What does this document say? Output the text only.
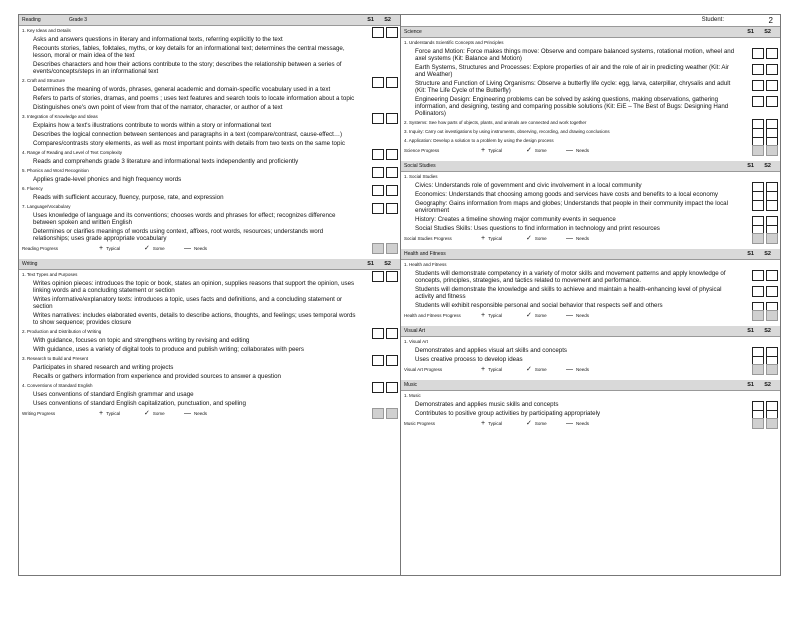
Reading	Grade 3	S1 S2
1. Key Ideas and Details
Asks and answers questions in literary and informational texts, referring explicitly to the text
Recounts stories, fables, folktales, myths, or key details for an informational text; determines the central message, lesson, moral or main idea of the text
Describes characters and how their actions contribute to the story; describes the relationship between a series of events/concepts/steps in an informational text
2. Craft and Structure
Determines the meaning of words, phrases, general academic and domain-specific vocabulary used in a text
Refers to parts of stories, dramas, and poems ; uses text features and search tools to locate information about a topic
Distinguishes one's own point of view from that of the narrator, character, or author of a text
3. Integration of Knowledge and Ideas
Explains how a text's illustrations contribute to words within a story or informational text
Describes the logical connection between sentences and paragraphs in a text (compare/contrast, cause-effect…)
Compares/contrasts story elements, as well as most important points with details from two texts on the same topic
4. Range of Reading and Level of Text Complexity
Reads and comprehends grade 3 literature and informational texts independently and proficiently
5. Phonics and Word Recognition
Applies grade-level phonics and high frequency words
6. Fluency
Reads with sufficient accuracy, fluency, purpose, rate, and expression
7. Language/Vocabulary
Uses knowledge of language and its conventions; chooses words and phrases for effect; recognizes difference between spoken and written English
Determines or clarifies meanings of words using context, affixes, root words, resources; understands word relationships; uses grade appropriate vocabulary
Reading Progress	+ Typical	✓ Some	— Needs
Writing	S1 S2
1. Text Types and Purposes
Writes opinion pieces: introduces the topic or book, states an opinion, supplies reasons that support the opinion, uses linking words and a concluding statement or section
Writes informative/explanatory texts: introduces a topic, uses facts and definitions, and a concluding statement or section
Writes narratives: includes elaborated events, details to describe actions, thoughts, and feelings; uses temporal words to show sequence; provides closure
2. Production and Distribution of Writing
With guidance, focuses on topic and strengthens writing by revising and editing
With guidance, uses a variety of digital tools to produce and publish writing; collaborates with peers
3. Research to Build and Present
Participates in shared research and writing projects
Recalls or gathers information from experience and provided sources to answer a question
4. Conventions of Standard English
Uses conventions of standard English grammar and usage
Uses conventions of standard English capitalization, punctuation, and spelling
Writing Progress	+ Typical	✓ Some	— Needs
Student:	2
Science	S1 S2
1. Understands Scientific Concepts and Principles
Force and Motion: Force makes things move: Observe and compare balanced systems, rotational motion, wheel and axel systems (Kit: Balance and Motion)
Earth Systems, Structures and Processes: Explore properties of air and the role of air in predicting weather (Kit: Air and Weather)
Structure and Function of Living Organisms: Observe a butterfly life cycle: egg, larva, caterpillar, chrysalis and adult (Kit: The Life Cycle of the Butterfly)
Engineering Design: Engineering problems can be solved by asking questions, making observations, gathering information, and designing, testing and comparing possible solutions (Kit: EiE – The Best of Bugs: Designing Hand Pollinators)
2. Systems: See how parts of objects, plants, and animals are connected and work together
3. Inquiry: Carry out investigations by using instruments, observing, recording, and drawing conclusions
4. Application: Develop a solution to a problem by using the design process
Science Progress	+ Typical	✓ Some	— Needs
Social Studies	S1 S2
1. Social Studies
Civics: Understands role of government and civic involvement in a local community
Economics: Understands that choosing among goods and services have costs and benefits to a local economy
Geography: Gains information from maps and globes; Understands that people in their community impact the local environment
History: Creates a timeline showing major community events in sequence
Social Studies Skills: Uses questions to find information in technology and print resources
Social Studies Progress	+ Typical	✓ Some	— Needs
Health and Fitness	S1 S2
1. Health and Fitness
Students will demonstrate competency in a variety of motor skills and movement patterns and apply knowledge of concepts, principles, strategies, and tactics related to movement and performance.
Students will demonstrate the knowledge and skills to achieve and maintain a health-enhancing level of physical activity and fitness
Students will exhibit responsible personal and social behavior that respects self and others
Health and Fitness Progress	+ Typical	✓ Some	— Needs
Visual Art	S1 S2
1. Visual Art
Demonstrates and applies visual art skills and concepts
Uses creative process to develop ideas
Visual Art Progress	+ Typical	✓ Some	— Needs
Music	S1 S2
1. Music
Demonstrates and applies music skills and concepts
Contributes to positive group activities by participating appropriately
Music Progress	+ Typical	✓ Some	— Needs
